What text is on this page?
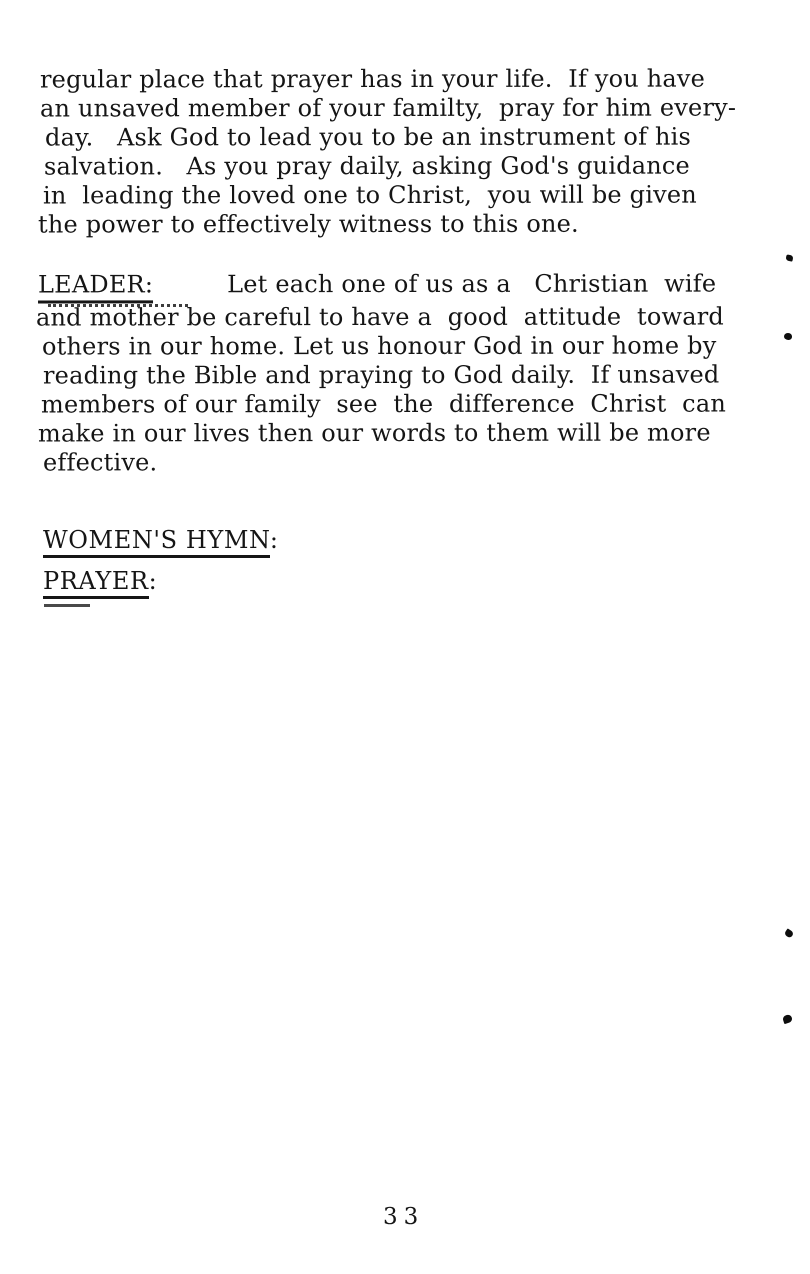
regular place that prayer has in your life.  If you have
an unsaved member of your familty,  pray for him every-
day.   Ask God to lead you to be an instrument of his
salvation.   As you pray daily, asking God's guidance
in  leading the loved one to Christ,  you will be given
the power to effectively witness to this one.
LEADER:	Let each one of us as a   Christian  wife
and mother be careful to have a  good  attitude  toward
others in our home. Let us honour God in our home by
reading the Bible and praying to God daily.  If unsaved
members of our family  see  the  difference  Christ  can
make in our lives then our words to them will be more
effective.
WOMEN'S HYMN:
PRAYER:
33
